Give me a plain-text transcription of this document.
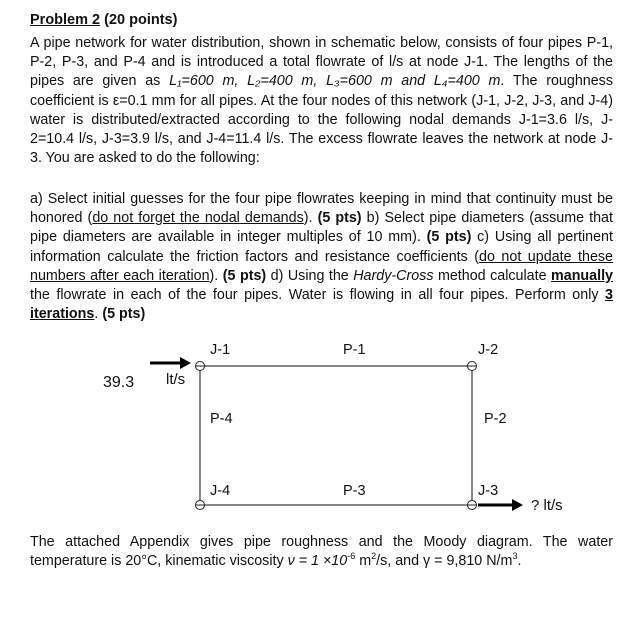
Problem 2 (20 points)

A pipe network for water distribution, shown in schematic below, consists of four pipes P-1, P-2, P-3, and P-4 and is introduced a total flowrate of l/s at node J-1. The lengths of the pipes are given as L₁=600 m, L₂=400 m, L₃=600 m and L₄=400 m. The roughness coefficient is ε=0.1 mm for all pipes. At the four nodes of this network (J-1, J-2, J-3, and J-4) water is distributed/extracted according to the following nodal demands J-1=3.6 l/s, J-2=10.4 l/s, J-3=3.9 l/s, and J-4=11.4 l/s. The excess flowrate leaves the network at node J-3. You are asked to do the following:

a) Select initial guesses for the four pipe flowrates keeping in mind that continuity must be honored (do not forget the nodal demands). (5 pts) b) Select pipe diameters (assume that pipe diameters are available in integer multiples of 10 mm). (5 pts) c) Using all pertinent information calculate the friction factors and resistance coefficients (do not update these numbers after each iteration). (5 pts) d) Using the Hardy-Cross method calculate manually the flowrate in each of the four pipes. Water is flowing in all four pipes. Perform only 3 iterations. (5 pts)

J-1	J-2
J-3
J-4
P-1
P-2
P-3
P-4
39.3 lt/s
? lt/s

The attached Appendix gives pipe roughness and the Moody diagram. The water temperature is 20°C, kinematic viscosity $\nu = 1 \times 10^{-6}$ $m^2/s$, and γ = 9,810 $N/m^3$.
